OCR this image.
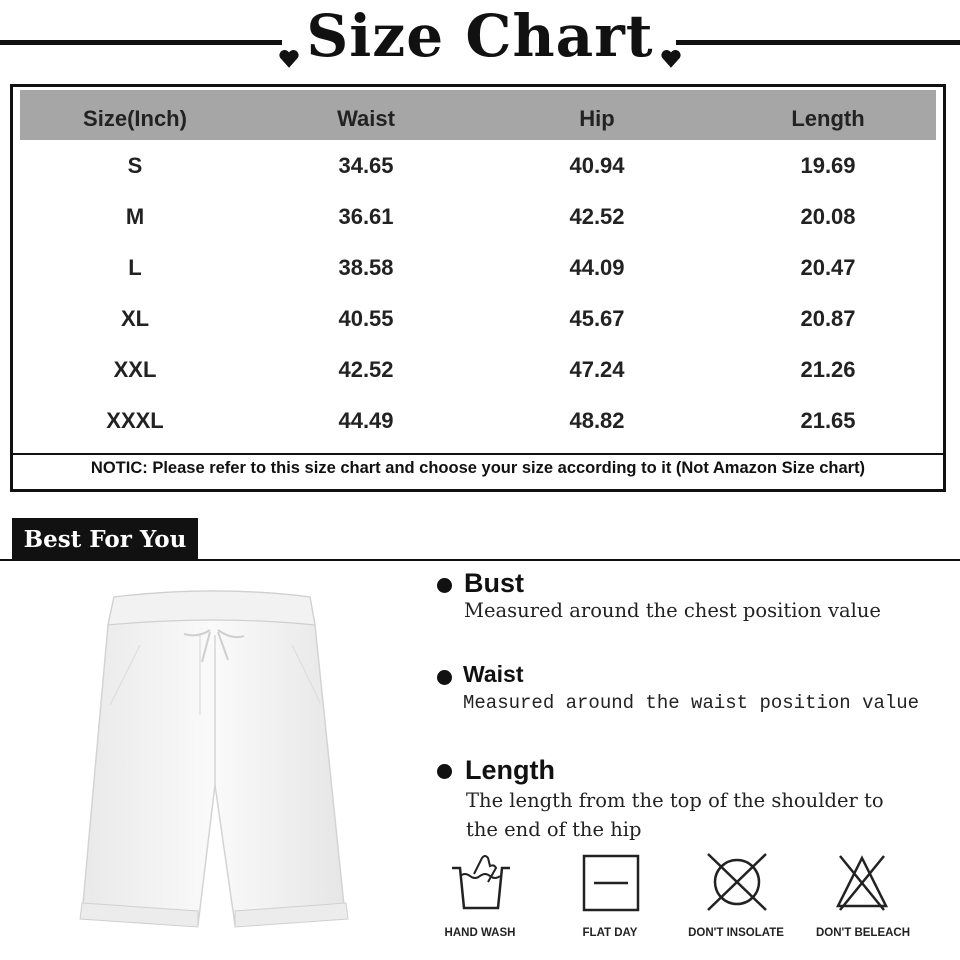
Size Chart
Size(Inch)	Waist	Hip	Length
S	34.65	40.94	19.69
M	36.61	42.52	20.08
L	38.58	44.09	20.47
XL	40.55	45.67	20.87
XXL	42.52	47.24	21.26
XXXL	44.49	48.82	21.65
NOTIC: Please refer to this size chart and choose your size according to it (Not Amazon Size chart)
Best For You
Bust
Measured around the chest position value
Waist
Measured around the waist position value
Length
The length from the top of the shoulder to
the end of the hip
HAND WASH	FLAT DAY	DON'T INSOLATE	DON'T BELEACH
